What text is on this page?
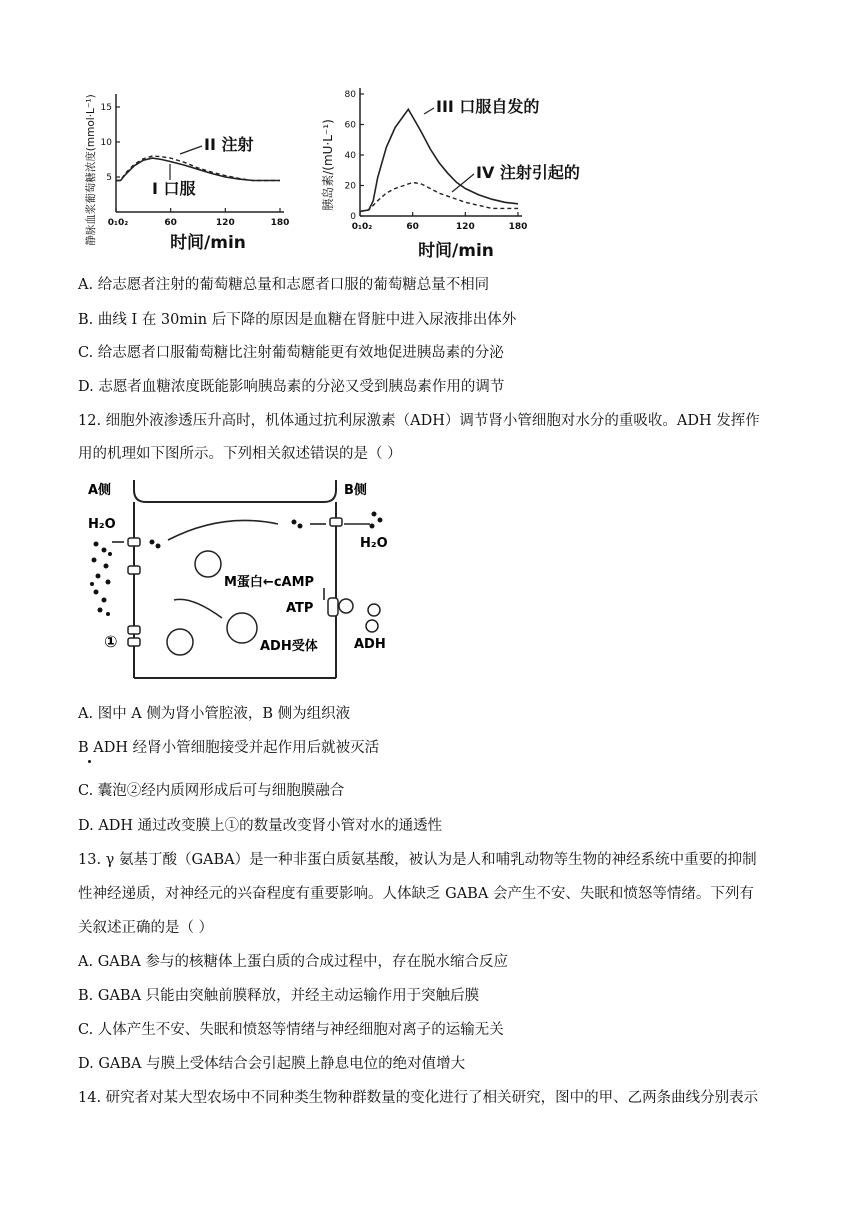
0₁0₂	60	120	180
5
10
15
静脉血浆葡萄糖浓度(mmol·L⁻¹)	时间/min
II 注射
I 口服
0₁0₂	60	120	180
0
20
40
60
80
胰岛素/(mU·L⁻¹)
时间/min
III 口服自发的
IV 注射引起的
A. 给志愿者注射的葡萄糖总量和志愿者口服的葡萄糖总量不相同
B. 曲线 I 在 30min 后下降的原因是血糖在肾脏中进入尿液排出体外
C. 给志愿者口服葡萄糖比注射葡萄糖能更有效地促进胰岛素的分泌
D. 志愿者血糖浓度既能影响胰岛素的分泌又受到胰岛素作用的调节
12. 细胞外液渗透压升高时，机体通过抗利尿激素（ADH）调节肾小管细胞对水分的重吸收。ADH 发挥作
用的机理如下图所示。下列相关叙述错误的是（ ）
A侧	B侧
H₂O
H₂O
M蛋白←cAMP
ATP
ADH受体	ADH
①
A. 图中 A 侧为肾小管腔液，B 侧为组织液
B ADH 经肾小管细胞接受并起作用后就被灭活
C. 囊泡②经内质网形成后可与细胞膜融合
D. ADH 通过改变膜上①的数量改变肾小管对水的通透性
13. γ 氨基丁酸（GABA）是一种非蛋白质氨基酸，被认为是人和哺乳动物等生物的神经系统中重要的抑制
性神经递质，对神经元的兴奋程度有重要影响。人体缺乏 GABA 会产生不安、失眠和愤怒等情绪。下列有
关叙述正确的是（ ）
A. GABA 参与的核糖体上蛋白质的合成过程中，存在脱水缩合反应
B. GABA 只能由突触前膜释放，并经主动运输作用于突触后膜
C. 人体产生不安、失眠和愤怒等情绪与神经细胞对离子的运输无关
D. GABA 与膜上受体结合会引起膜上静息电位的绝对值增大
14. 研究者对某大型农场中不同种类生物种群数量的变化进行了相关研究，图中的甲、乙两条曲线分别表示
